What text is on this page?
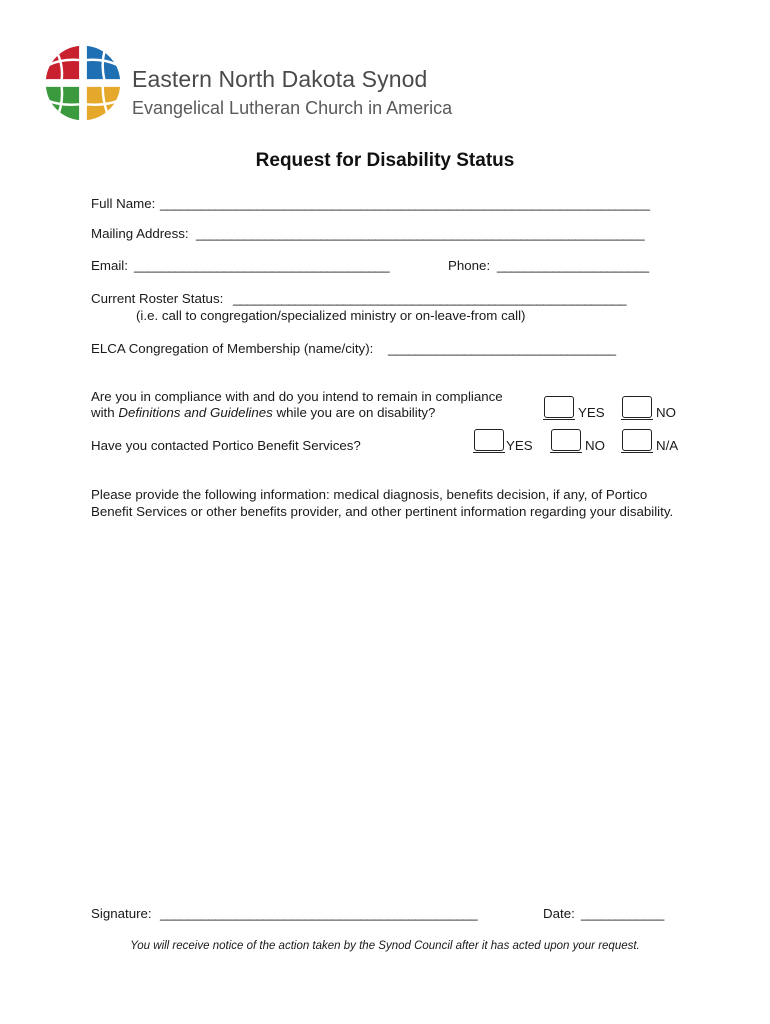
Eastern North Dakota Synod
Evangelical Lutheran Church in America
Request for Disability Status
Full Name: _______________________________________________________________________
Mailing Address: _________________________________________________________________
Email: _____________________________________	Phone: ______________________
Current Roster Status: _________________________________________________________
(i.e. call to congregation/specialized ministry or on-leave-from call)
ELCA Congregation of Membership (name/city): _________________________________
Are you in compliance with and do you intend to remain in compliance
with Definitions and Guidelines while you are on disability?	YES	NO
Have you contacted Portico Benefit Services?	YES	NO	N/A
Please provide the following information: medical diagnosis, benefits decision, if any, of Portico Benefit Services or other benefits provider, and other pertinent information regarding your disability.
Signature: ______________________________________________	Date: ____________
You will receive notice of the action taken by the Synod Council after it has acted upon your request.
